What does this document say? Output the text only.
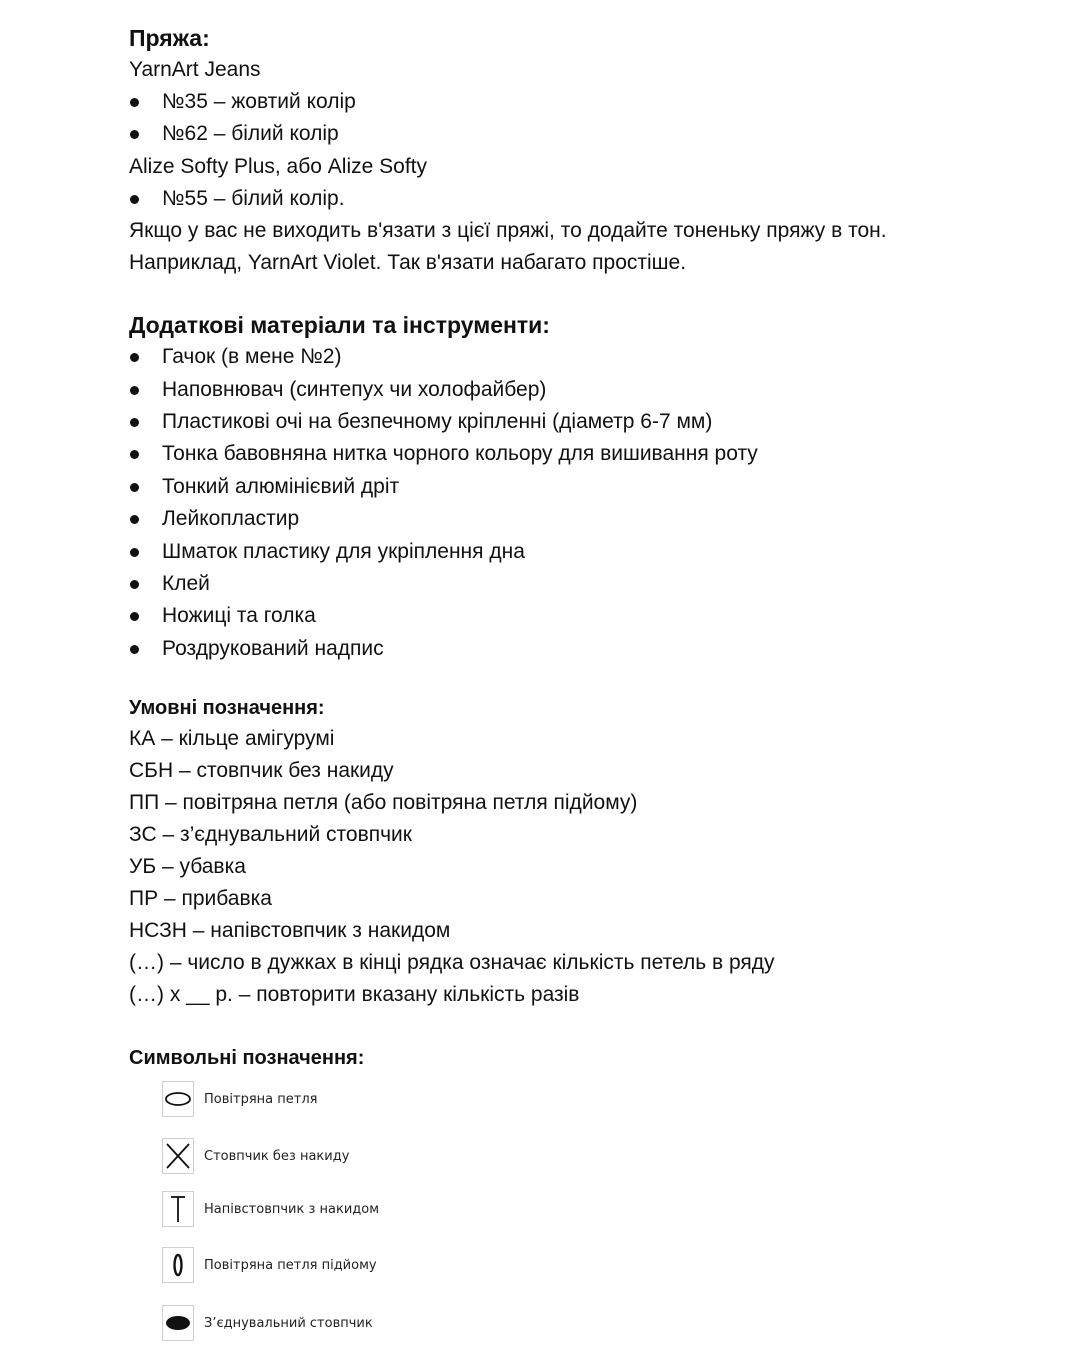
Пряжа:

YarnArt Jeans

№35 – жовтий колір
№62 – білий колір

Alize Softy Plus, або Alize Softy

№55 – білий колір.

Якщо у вас не виходить в'язати з цієї пряжі, то додайте тоненьку пряжу в тон.

Наприклад, YarnArt Violet. Так в'язати набагато простіше.

Додаткові матеріали та інструменти:

Гачок (в мене №2)
Наповнювач (синтепух чи холофайбер)
Пластикові очі на безпечному кріпленні (діаметр 6-7 мм)
Тонка бавовняна нитка чорного кольору для вишивання роту
Тонкий алюмінієвий дріт
Лейкопластир
Шматок пластику для укріплення дна
Клей
Ножиці та голка
Роздрукований надпис

Умовні позначення:

КА – кільце амігурумі

СБН – стовпчик без накиду

ПП – повітряна петля (або повітряна петля підйому)

ЗС – з’єднувальний стовпчик

УБ – убавка

ПР – прибавка

НСЗН – напівстовпчик з накидом

(…) – число в дужках в кінці рядка означає кількість петель в ряду

(…) х __ р. – повторити вказану кількість разів

Символьні позначення:

Повітряна петля
Стовпчик без накиду
Напівстовпчик з накидом
Повітряна петля підйому
З’єднувальний стовпчик
